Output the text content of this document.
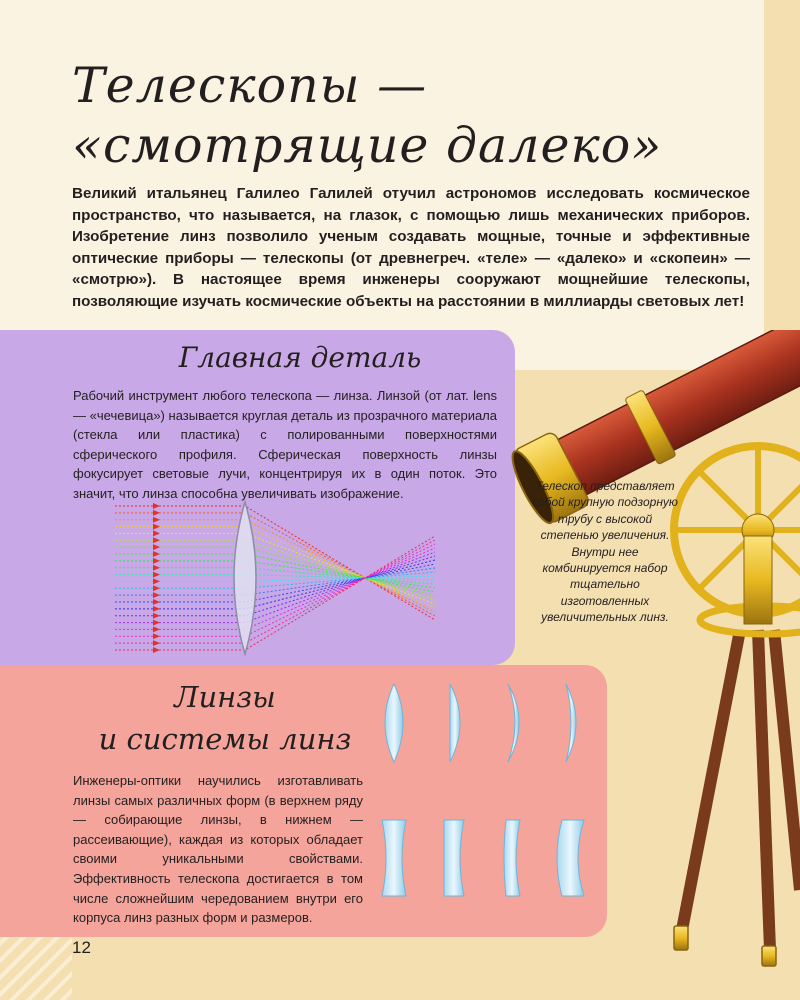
Телескопы —
«смотрящие далеко»

Великий итальянец Галилео Галилей отучил астрономов исследовать космическое пространство, что называется, на глазок, с помощью лишь механических приборов. Изобретение линз позволило ученым создавать мощные, точные и эффективные оптические приборы — телескопы (от древнегреч. «теле» — «далеко» и «скопеин» — «смотрю»). В настоящее время инженеры сооружают мощнейшие телескопы, позволяющие изучать космические объекты на расстоянии в миллиарды световых лет!

Главная деталь

Рабочий инструмент любого телескопа — линза. Линзой (от лат. lens — «чечевица») называется круглая деталь из прозрачного материала (стекла или пластика) с полированными поверхностями сферического профиля. Сферическая поверхность линзы фокусирует световые лучи, концентрируя их в один поток. Это значит, что линза способна увеличивать изображение.

Линзы
и системы линз

Инженеры-оптики научились изготавливать линзы самых различных форм (в верхнем ряду — собирающие линзы, в нижнем — рассеивающие), каждая из которых обладает своими уникальными свойствами. Эффективность телескопа достигается в том числе сложнейшим чередованием внутри его корпуса линз разных форм и размеров.

12

Телескоп представляет собой крупную подзорную трубу с высокой степенью увеличения. Внутри нее комбинируется набор тщательно изготовленных увеличительных линз.
